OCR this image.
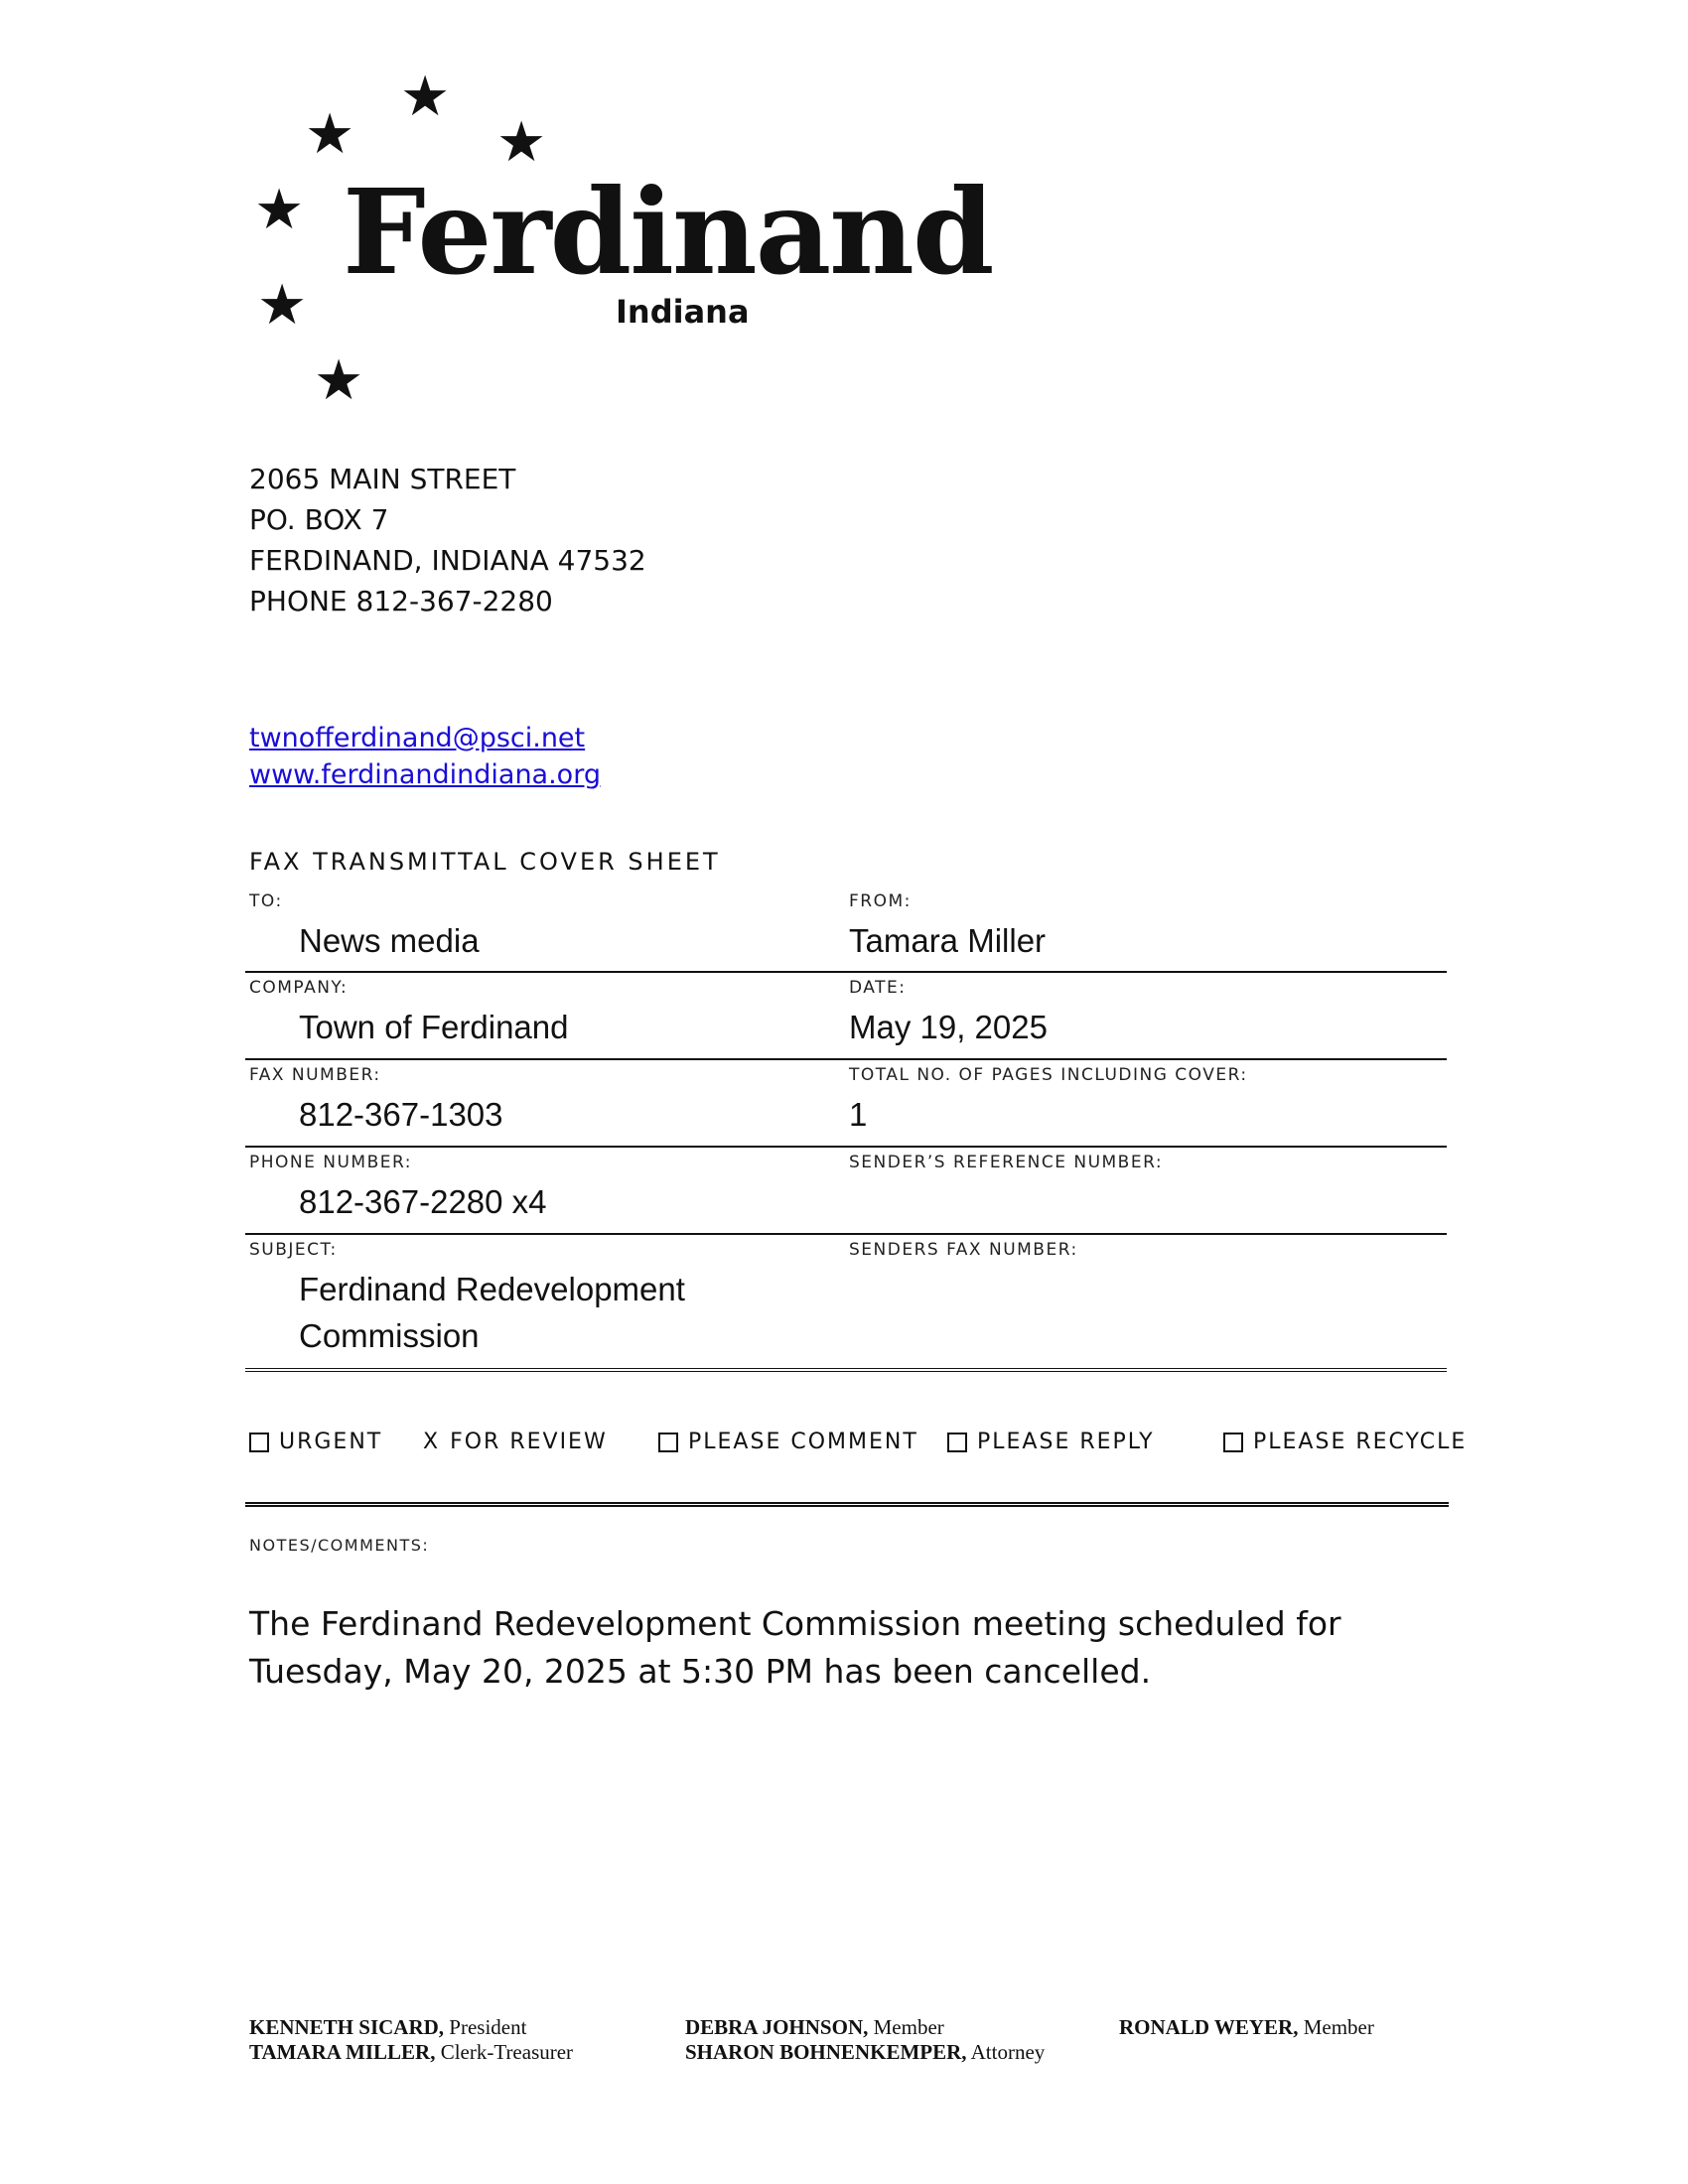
★
★	★
★
★
★
Ferdinand
Indiana
2065 MAIN STREET
PO. BOX 7
FERDINAND, INDIANA 47532
PHONE 812-367-2280
twnofferdinand@psci.net
www.ferdinandindiana.org
FAX TRANSMITTAL COVER SHEET
TO:
News media
FROM:
Tamara Miller
COMPANY:
Town of Ferdinand
DATE:
May 19, 2025
FAX NUMBER:
812-367-1303
TOTAL NO. OF PAGES INCLUDING COVER:
1
PHONE NUMBER:
812-367-2280 x4
SENDER’S REFERENCE NUMBER:
SUBJECT:
Ferdinand Redevelopment
Commission
SENDERS FAX NUMBER:
URGENT X FOR REVIEW	PLEASE COMMENT	PLEASE REPLY	PLEASE RECYCLE
NOTES/COMMENTS:
The Ferdinand Redevelopment Commission meeting scheduled for
Tuesday, May 20, 2025 at 5:30 PM has been cancelled.
KENNETH SICARD, President
TAMARA MILLER, Clerk-Treasurer
DEBRA JOHNSON, Member
SHARON BOHNENKEMPER, Attorney
RONALD WEYER, Member
